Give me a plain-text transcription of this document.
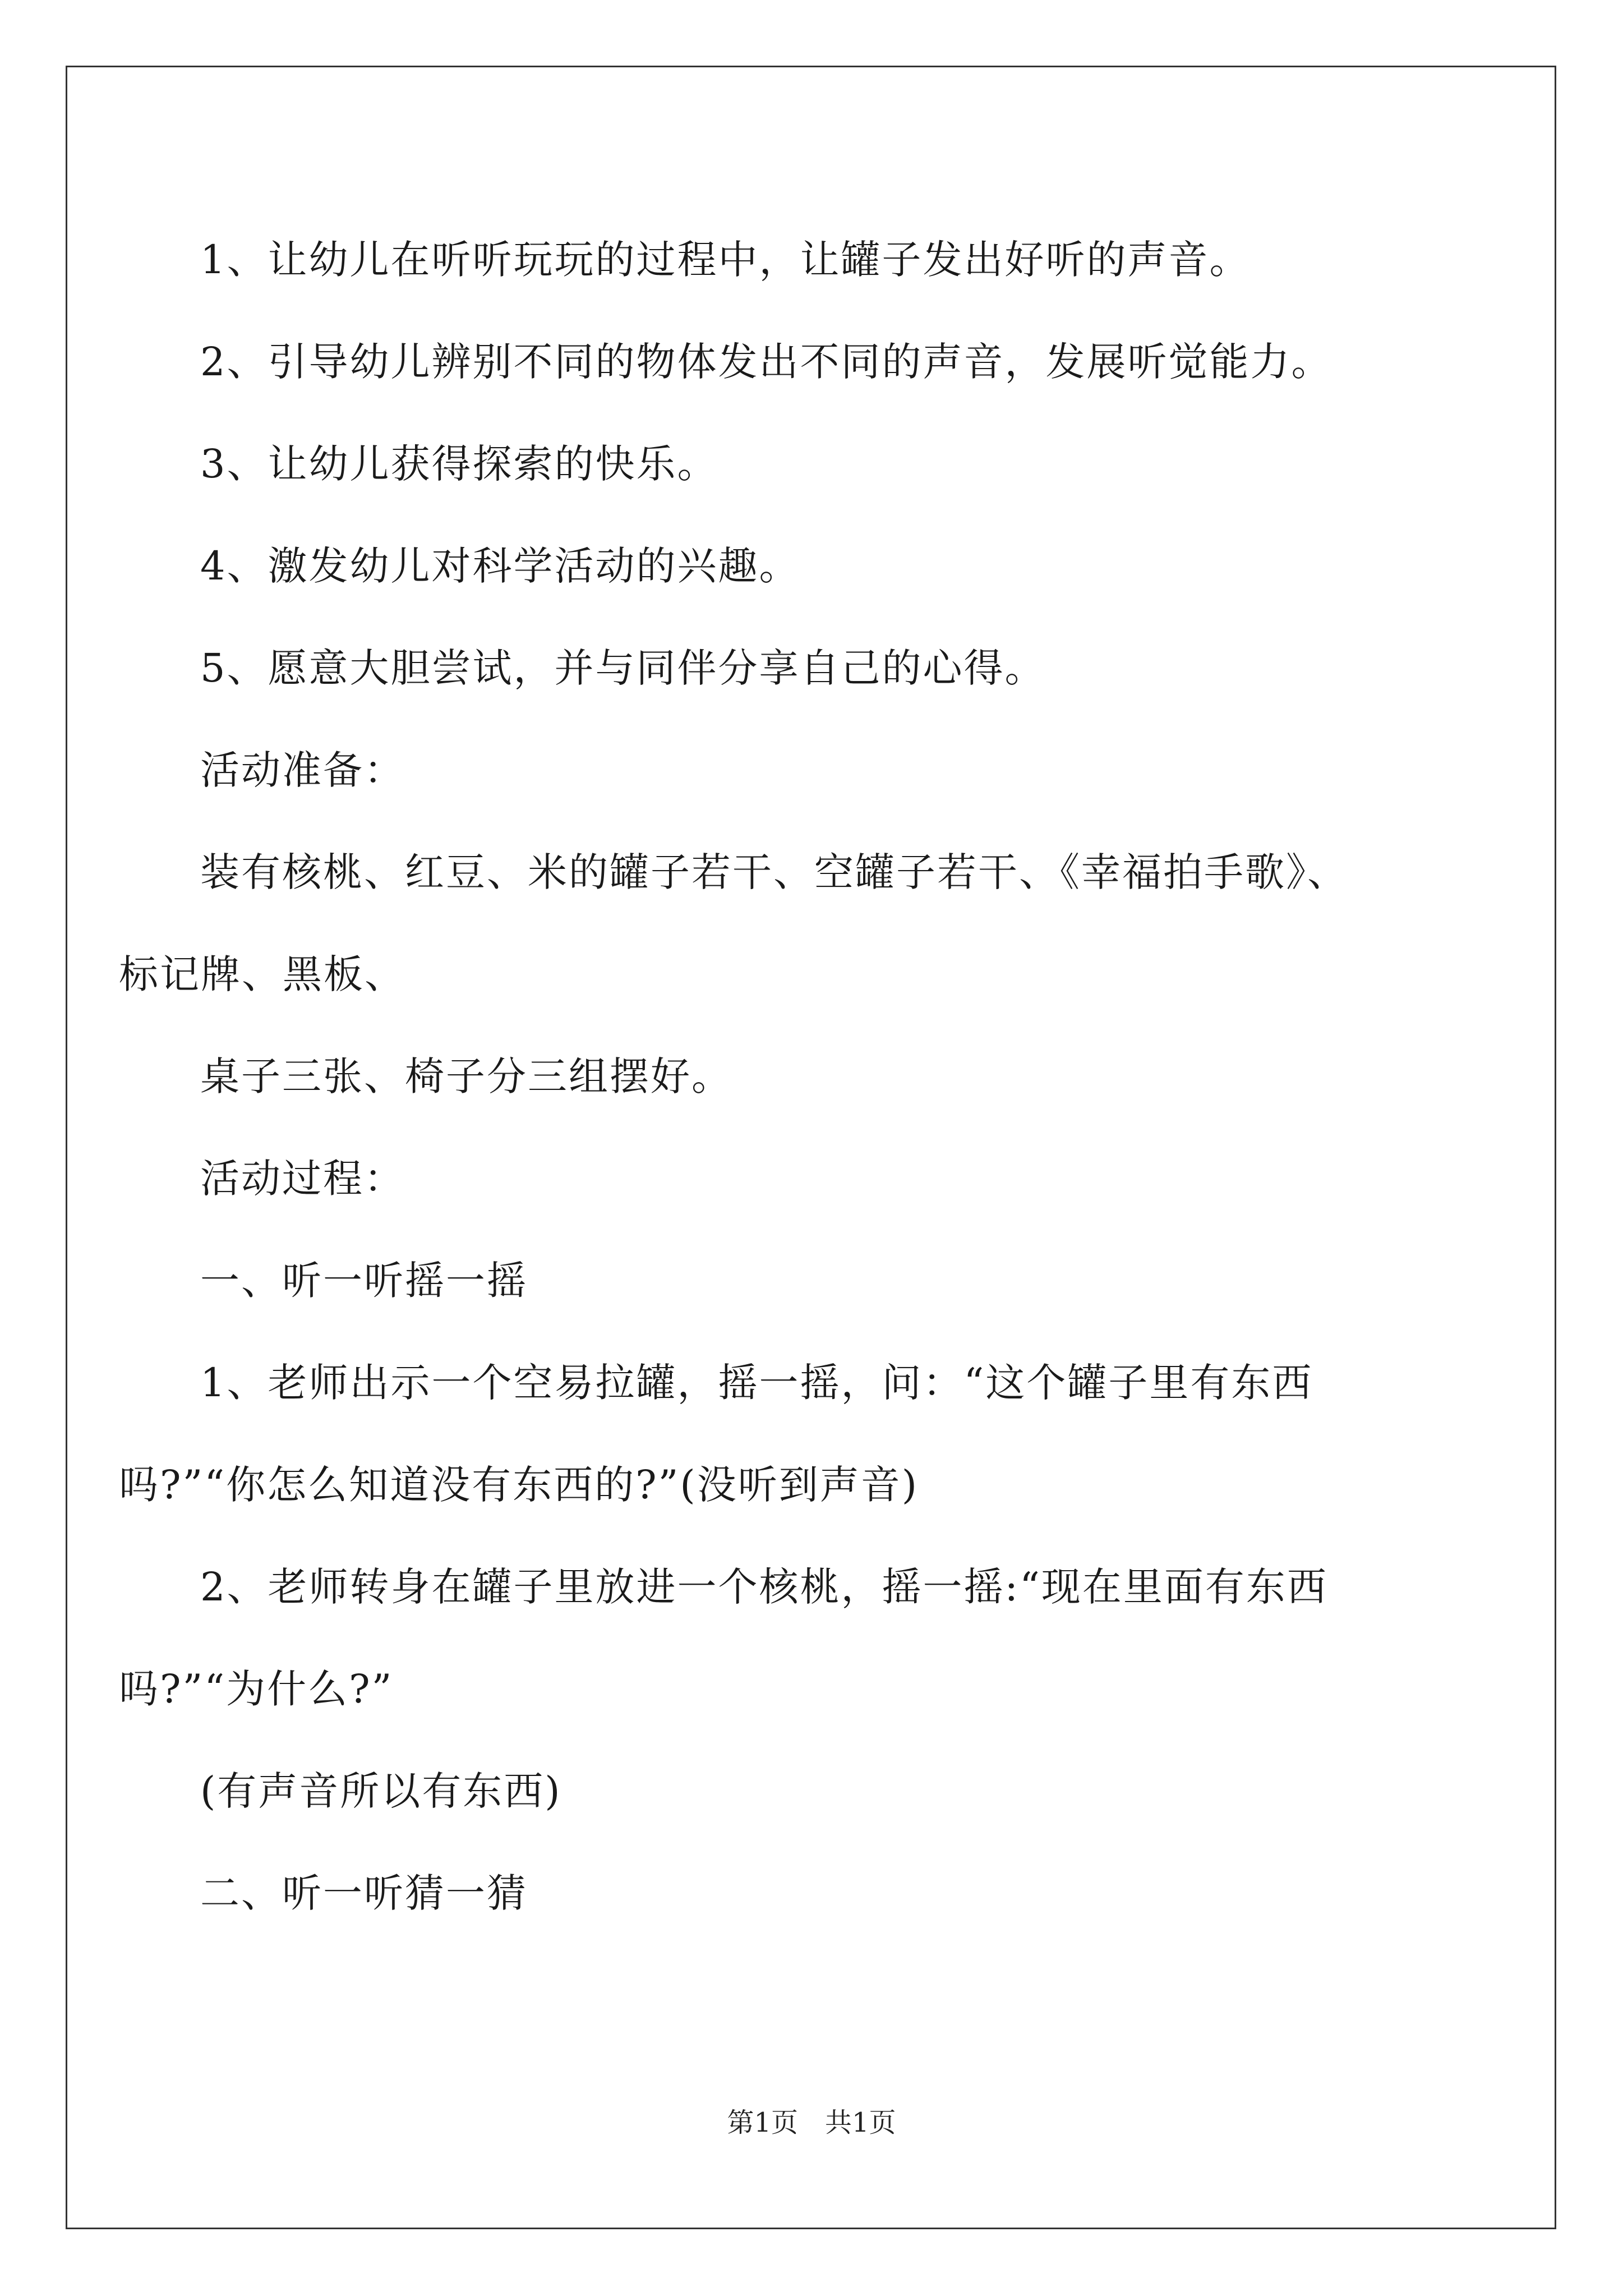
1、让幼儿在听听玩玩的过程中，让罐子发出好听的声音。

2、引导幼儿辨别不同的物体发出不同的声音，发展听觉能力。

3、让幼儿获得探索的快乐。

4、激发幼儿对科学活动的兴趣。

5、愿意大胆尝试，并与同伴分享自己的心得。

活动准备：

装有核桃、红豆、米的罐子若干、空罐子若干、《幸福拍手歌》、

标记牌、黑板、

桌子三张、椅子分三组摆好。

活动过程：

一、听一听摇一摇

1、老师出示一个空易拉罐，摇一摇，问：“这个罐子里有东西

吗?”“你怎么知道没有东西的?”(没听到声音)

2、老师转身在罐子里放进一个核桃，摇一摇:“现在里面有东西

吗?”“为什么?”

(有声音所以有东西)

二、听一听猜一猜

第1页　共1页
